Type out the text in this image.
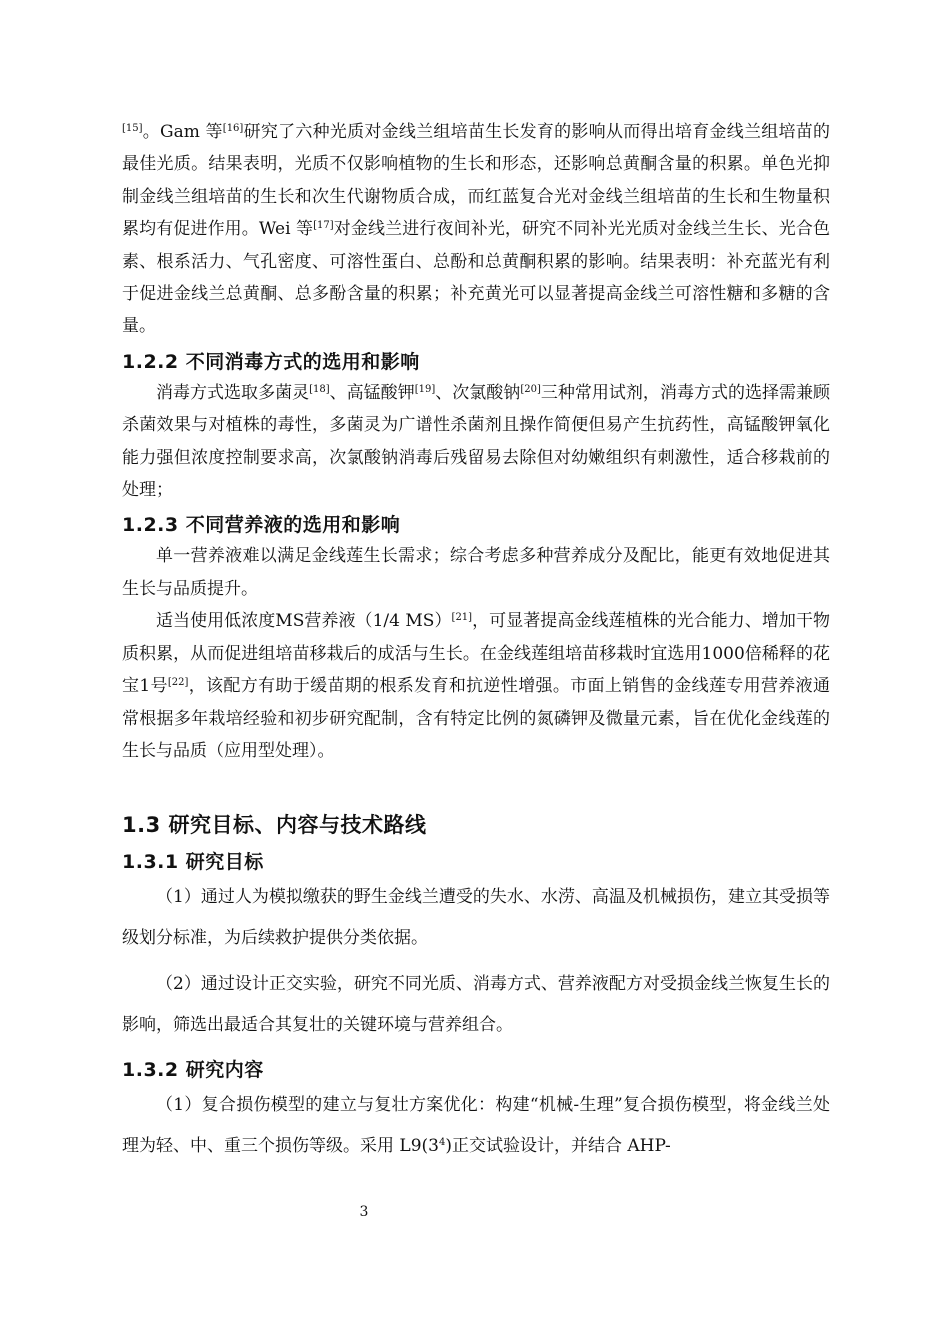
[15]。Gam 等[16]研究了六种光质对金线兰组培苗生长发育的影响从而得出培育金线兰组培苗的最佳光质。结果表明，光质不仅影响植物的生长和形态，还影响总黄酮含量的积累。单色光抑制金线兰组培苗的生长和次生代谢物质合成，而红蓝复合光对金线兰组培苗的生长和生物量积累均有促进作用。Wei 等[17]对金线兰进行夜间补光，研究不同补光光质对金线兰生长、光合色素、根系活力、气孔密度、可溶性蛋白、总酚和总黄酮积累的影响。结果表明：补充蓝光有利于促进金线兰总黄酮、总多酚含量的积累；补充黄光可以显著提高金线兰可溶性糖和多糖的含量。

1.2.2 不同消毒方式的选用和影响

消毒方式选取多菌灵[18]、高锰酸钾[19]、次氯酸钠[20]三种常用试剂，消毒方式的选择需兼顾杀菌效果与对植株的毒性，多菌灵为广谱性杀菌剂且操作简便但易产生抗药性，高锰酸钾氧化能力强但浓度控制要求高，次氯酸钠消毒后残留易去除但对幼嫩组织有刺激性，适合移栽前的处理；

1.2.3 不同营养液的选用和影响

单一营养液难以满足金线莲生长需求；综合考虑多种营养成分及配比，能更有效地促进其生长与品质提升。

适当使用低浓度MS营养液（1/4 MS）[21]，可显著提高金线莲植株的光合能力、增加干物质积累，从而促进组培苗移栽后的成活与生长。在金线莲组培苗移栽时宜选用1000倍稀释的花宝1号[22]，该配方有助于缓苗期的根系发育和抗逆性增强。市面上销售的金线莲专用营养液通常根据多年栽培经验和初步研究配制，含有特定比例的氮磷钾及微量元素，旨在优化金线莲的生长与品质（应用型处理）。

1.3 研究目标、内容与技术路线
1.3.1 研究目标

（1）通过人为模拟缴获的野生金线兰遭受的失水、水涝、高温及机械损伤，建立其受损等级划分标准，为后续救护提供分类依据。

（2）通过设计正交实验，研究不同光质、消毒方式、营养液配方对受损金线兰恢复生长的影响，筛选出最适合其复壮的关键环境与营养组合。

1.3.2 研究内容

（1）复合损伤模型的建立与复壮方案优化：构建“机械-生理”复合损伤模型，将金线兰处理为轻、中、重三个损伤等级。采用 $L9(3^4)$正交试验设计，并结合 AHP-

3
